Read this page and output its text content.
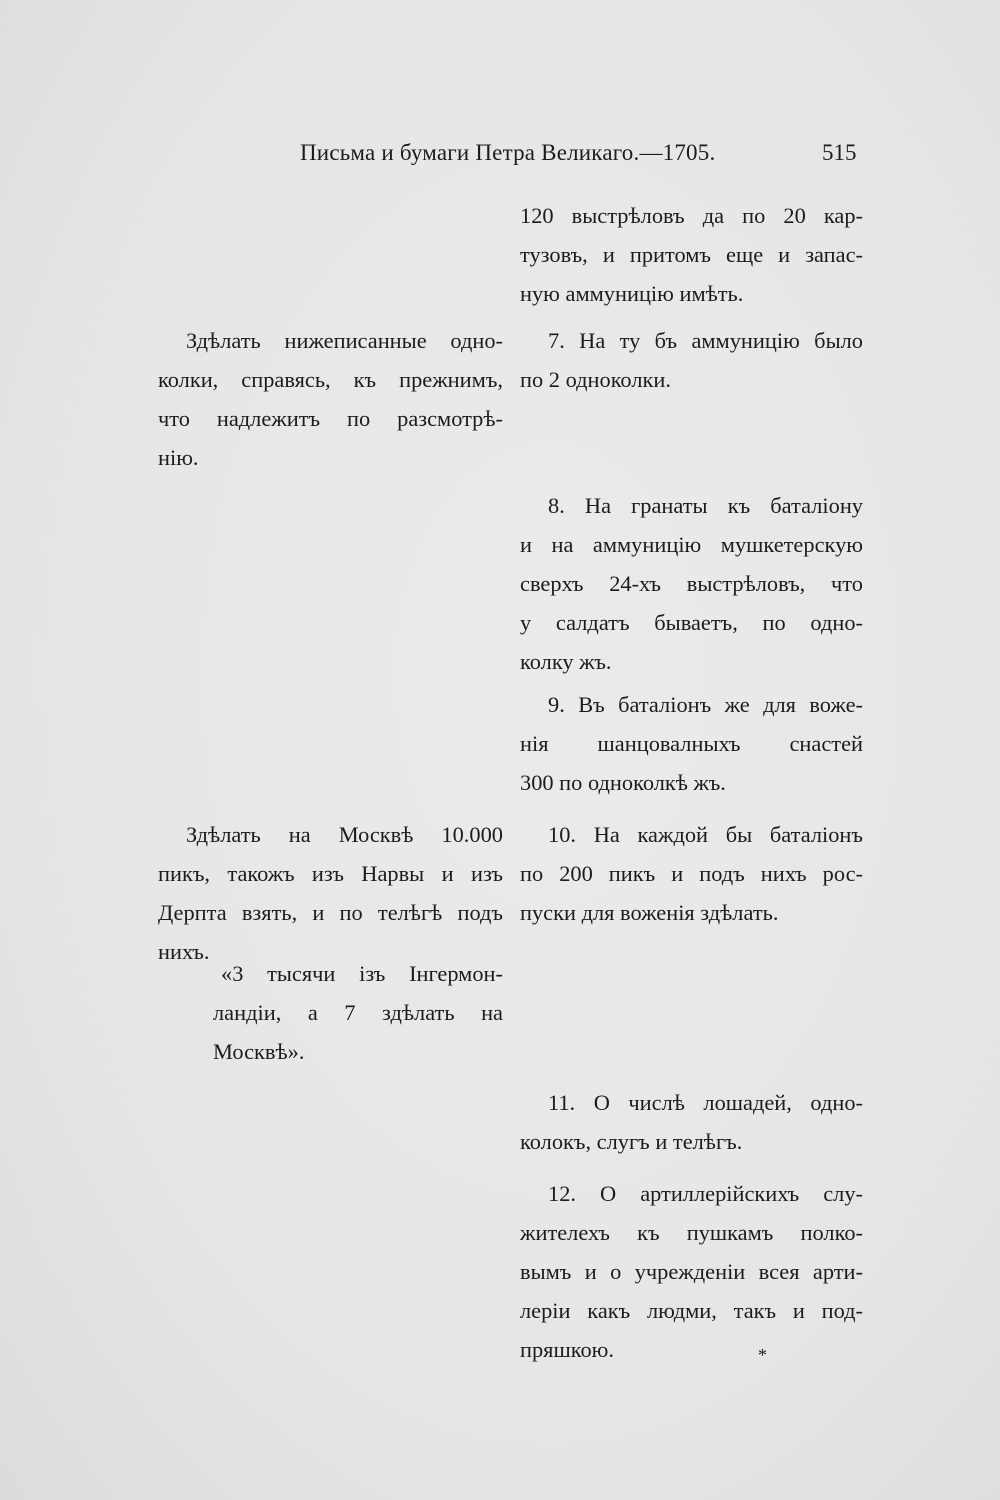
Письма и бумаги Петра Великаго.—1705.	515
120 выстрѣловъ да по 20 кар-
тузовъ, и притомъ еще и запас-
ную аммуницію имѣть.
7. На ту бъ аммуницію было
по 2 одноколки.
8. На гранаты къ баталіону
и на аммуницію мушкетерскую
сверхъ 24-хъ выстрѣловъ, что
у салдатъ бываетъ, по одно-
колку жъ.
9. Въ баталіонъ же для воже-
нія шанцовалныхъ снастей
300 по одноколкѣ жъ.
10. На каждой бы баталіонъ
по 200 пикъ и подъ нихъ рос-
пуски для воженія здѣлать.
11. О числѣ лошадей, одно-
колокъ, слугъ и телѣгъ.
12. О артиллерійскихъ слу-
жителехъ къ пушкамъ полко-
вымъ и о учрежденіи всея арти-
леріи какъ людми, такъ и под-
пряшкою.	*
Здѣлать нижеписанные одно-
колки, справясь, къ прежнимъ,
что надлежитъ по разсмотрѣ-
нію.
Здѣлать на Москвѣ 10.000
пикъ, такожъ изъ Нарвы и изъ
Дерпта взять, и по телѣгѣ подъ
нихъ.
«3 тысячи ізъ Інгермон-
ландіи, а 7 здѣлать на
Москвѣ».
